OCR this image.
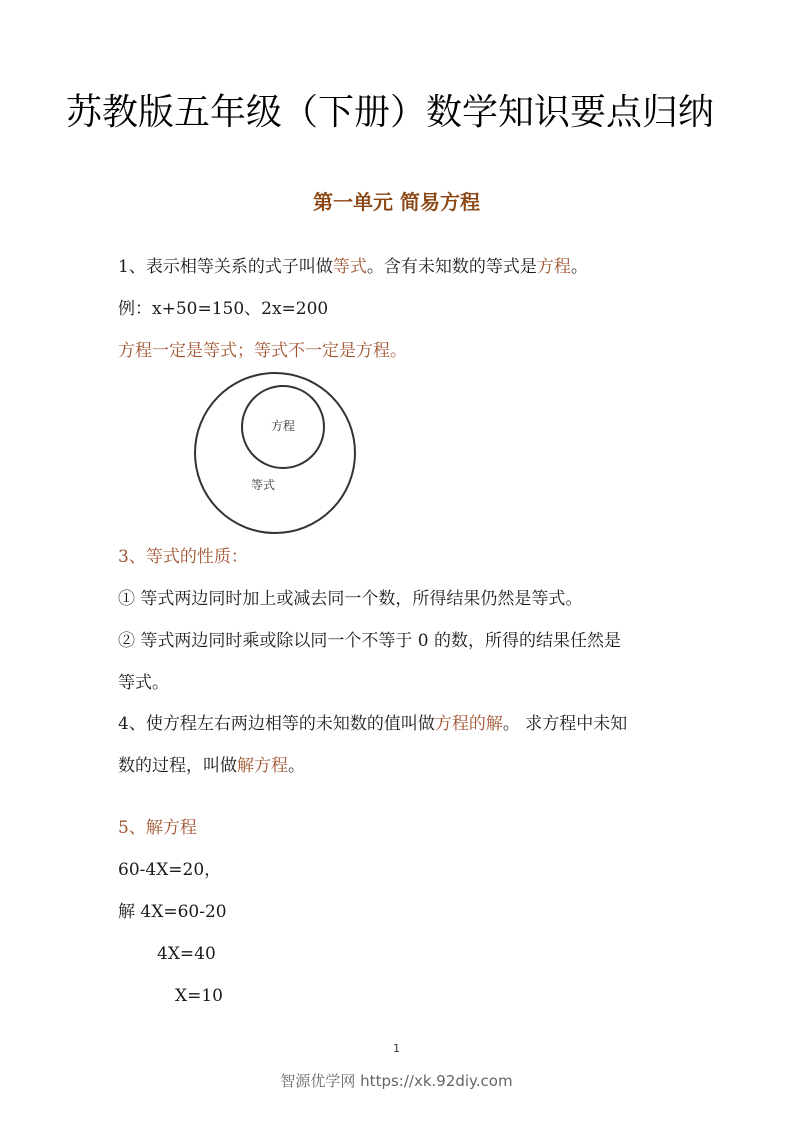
苏教版五年级（下册）数学知识要点归纳
第一单元 简易方程
1、表示相等关系的式子叫做等式。含有未知数的等式是方程。
例：x+50=150、2x=200
方程一定是等式；等式不一定是方程。
方程
等式
3、等式的性质：
① 等式两边同时加上或减去同一个数，所得结果仍然是等式。
② 等式两边同时乘或除以同一个不等于 0 的数，所得的结果任然是
等式。
4、使方程左右两边相等的未知数的值叫做方程的解。 求方程中未知
数的过程，叫做解方程。
5、解方程
60-4X=20，
解 4X=60-20
4X=40
X=10
1
智源优学网 https://xk.92diy.com
